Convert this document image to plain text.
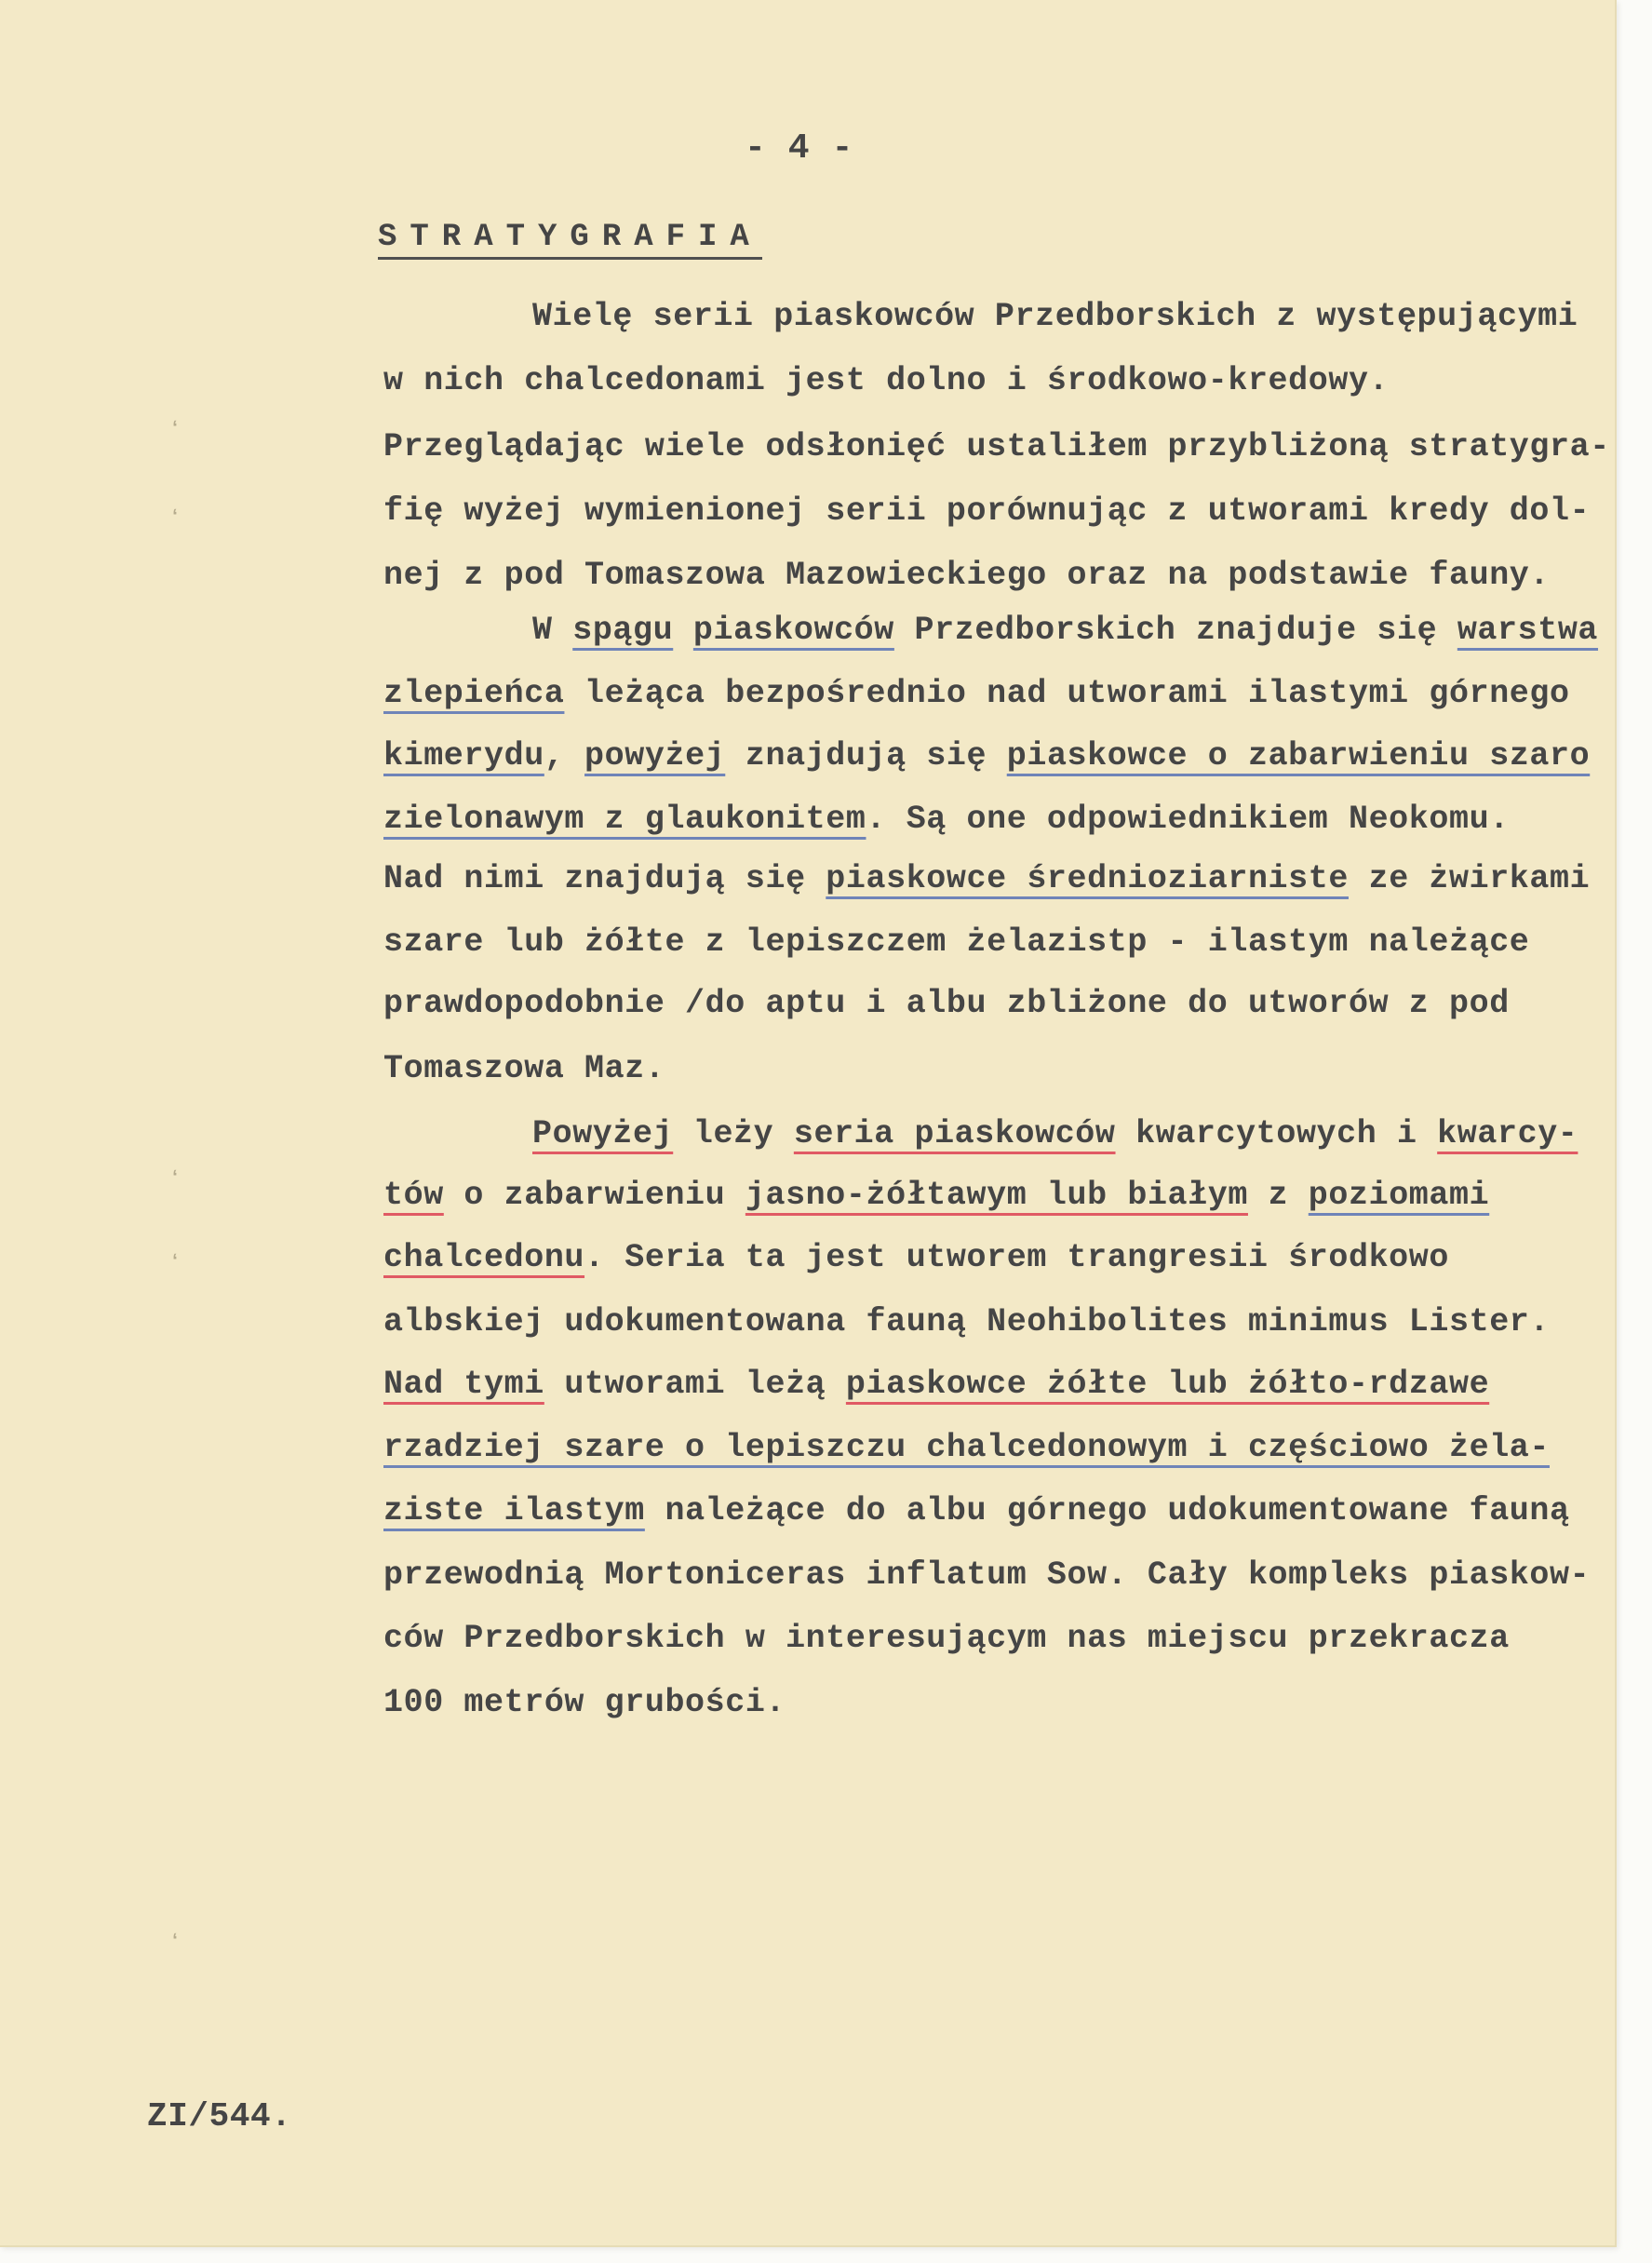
- 4 -
STRATYGRAFIA
Wielę serii piaskowców Przedborskich z występującymi
w nich chalcedonami jest dolno i środkowo-kredowy.
Przeglądając wiele odsłonięć ustaliłem przybliżoną stratygra-
fię wyżej wymienionej serii porównując z utworami kredy dol-
nej z pod Tomaszowa Mazowieckiego oraz na podstawie fauny.
W spągu piaskowców Przedborskich znajduje się warstwa
zlepieńca leżąca bezpośrednio nad utworami ilastymi górnego
kimerydu, powyżej znajdują się piaskowce o zabarwieniu szaro
zielonawym z glaukonitem. Są one odpowiednikiem Neokomu.
Nad nimi znajdują się piaskowce średnioziarniste ze żwirkami
szare lub żółte z lepiszczem żelazistp - ilastym należące
prawdopodobnie /do aptu i albu zbliżone do utworów z pod
Tomaszowa Maz.
Powyżej leży seria piaskowców kwarcytowych i kwarcy-
tów o zabarwieniu jasno-żółtawym lub białym z poziomami
chalcedonu. Seria ta jest utworem trangresii środkowo
albskiej udokumentowana fauną Neohibolites minimus Lister.
Nad tymi utworami leżą piaskowce żółte lub żółto-rdzawe
rzadziej szare o lepiszczu chalcedonowym i częściowo żela-
ziste ilastym należące do albu górnego udokumentowane fauną
przewodnią Mortoniceras inflatum Sow. Cały kompleks piaskow-
ców Przedborskich w interesującym nas miejscu przekracza
100 metrów grubości.
ʻ
ʻ
ʻ
ʻ
ʻ
ZI/544.
